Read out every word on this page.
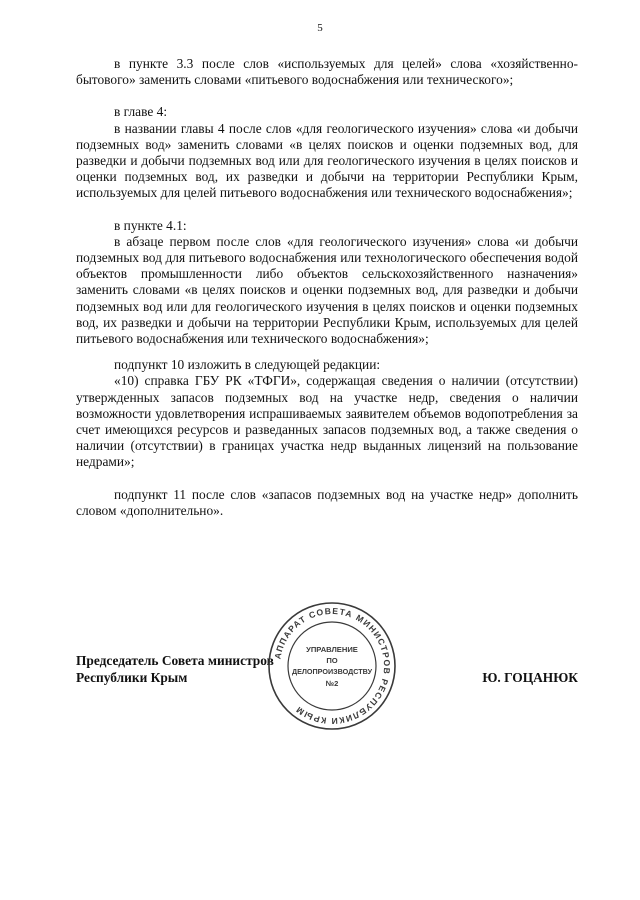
5

в пункте 3.3 после слов «используемых для целей» слова «хозяйственно-бытового» заменить словами «питьевого водоснабжения или технического»;

в главе 4:

в названии главы 4 после слов «для геологического изучения» слова «и добычи подземных вод» заменить словами «в целях поисков и оценки подземных вод, для разведки и добычи подземных вод или для геологического изучения в целях поисков и оценки подземных вод, их разведки и добычи на территории Республики Крым, используемых для целей питьевого водоснабжения или технического водоснабжения»;

в пункте 4.1:

в абзаце первом после слов «для геологического изучения» слова «и добычи подземных вод для питьевого водоснабжения или технологического обеспечения водой объектов промышленности либо объектов сельскохозяйственного назначения» заменить словами «в целях поисков и оценки подземных вод, для разведки и добычи подземных вод или для геологического изучения в целях поисков и оценки подземных вод, их разведки и добычи на территории Республики Крым, используемых для целей питьевого водоснабжения или технического водоснабжения»;

подпункт 10 изложить в следующей редакции:

«10) справка ГБУ РК «ТФГИ», содержащая сведения о наличии (отсутствии) утвержденных запасов подземных вод на участке недр, сведения о наличии возможности удовлетворения испрашиваемых заявителем объемов водопотребления за счет имеющихся ресурсов и разведанных запасов подземных вод, а также сведения о наличии (отсутствии) в границах участка недр выданных лицензий на пользование недрами»;

подпункт 11 после слов «запасов подземных вод на участке недр» дополнить словом «дополнительно».

Председатель Совета министров
Республики Крым	Ю. ГОЦАНЮК
АППАРАТ СОВЕТА МИНИСТРОВ РЕСПУБЛИКИ КРЫМ
УПРАВЛЕНИЕ
ПО
ДЕЛОПРОИЗВОДСТВУ
№2
